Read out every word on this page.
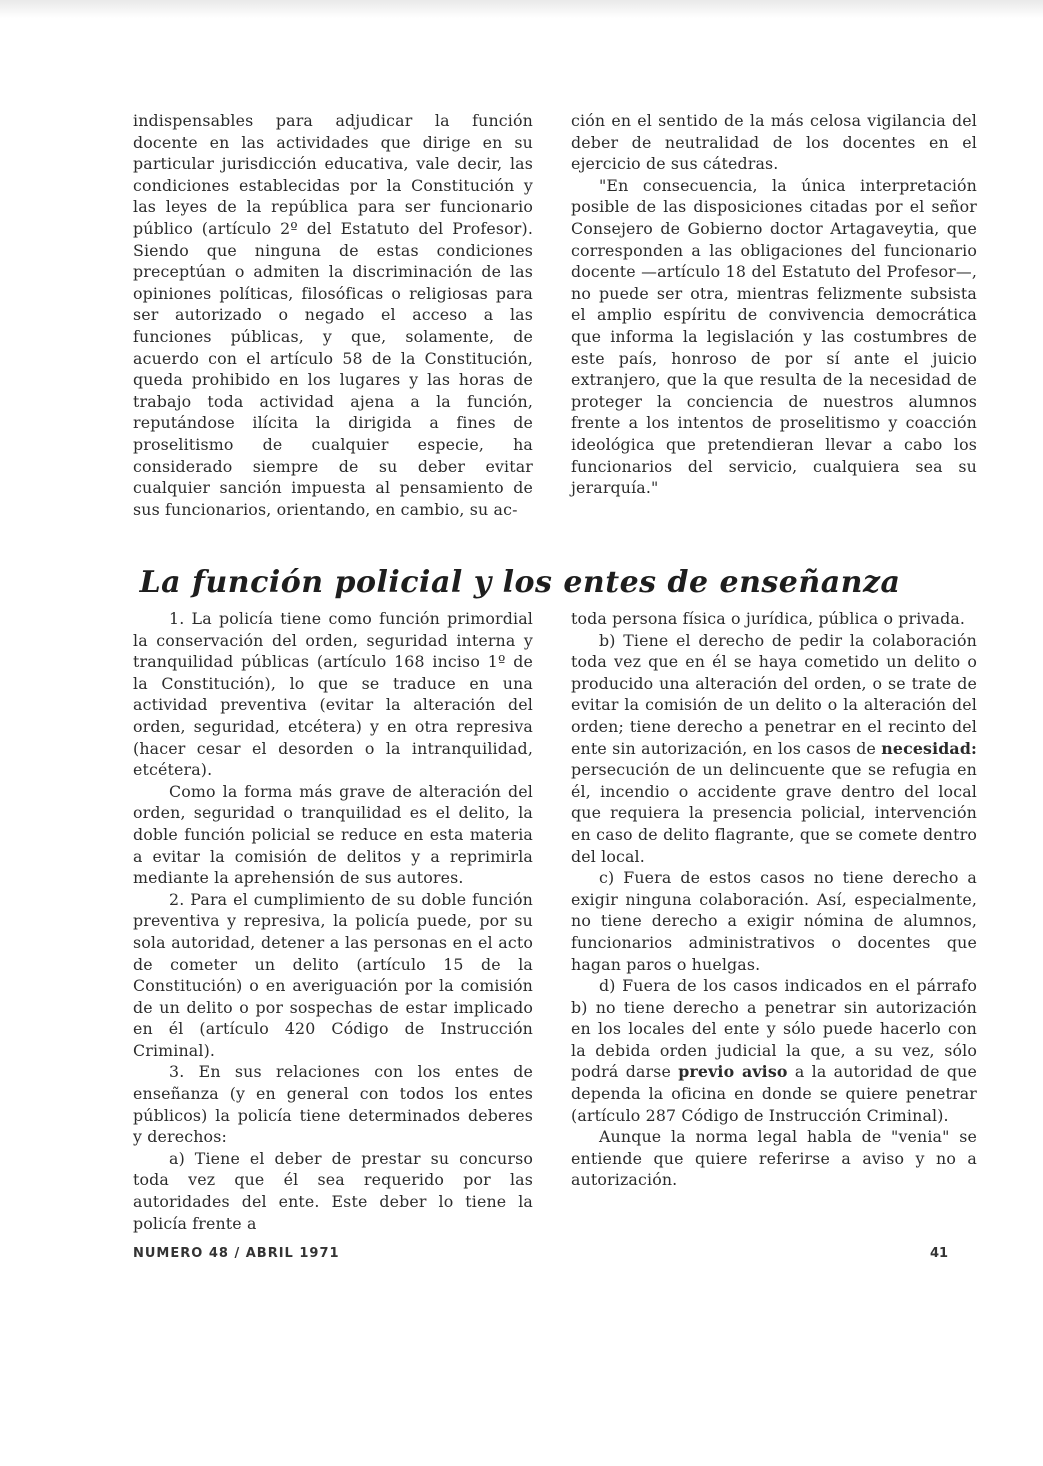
indispensables para adjudicar la función docente en las actividades que dirige en su particular jurisdicción educativa, vale decir, las condiciones establecidas por la Constitución y las leyes de la república para ser funcionario público (artículo 2º del Estatuto del Profesor). Siendo que ninguna de estas condiciones preceptúan o admiten la discriminación de las opiniones políticas, filosóficas o religiosas para ser autorizado o negado el acceso a las funciones públicas, y que, solamente, de acuerdo con el artículo 58 de la Constitución, queda prohibido en los lugares y las horas de trabajo toda actividad ajena a la función, reputándose ilícita la dirigida a fines de proselitismo de cualquier especie, ha considerado siempre de su deber evitar cualquier sanción impuesta al pensamiento de sus funcionarios, orientando, en cambio, su ac-

ción en el sentido de la más celosa vigilancia del deber de neutralidad de los docentes en el ejercicio de sus cátedras.

"En consecuencia, la única interpretación posible de las disposiciones citadas por el señor Consejero de Gobierno doctor Artagaveytia, que corresponden a las obligaciones del funcionario docente —artículo 18 del Estatuto del Profesor—, no puede ser otra, mientras felizmente subsista el amplio espíritu de convivencia democrática que informa la legislación y las costumbres de este país, honroso de por sí ante el juicio extranjero, que la que resulta de la necesidad de proteger la conciencia de nuestros alumnos frente a los intentos de proselitismo y coacción ideológica que pretendieran llevar a cabo los funcionarios del servicio, cualquiera sea su jerarquía."

La función policial y los entes de enseñanza

1. La policía tiene como función primordial la conservación del orden, seguridad interna y tranquilidad públicas (artículo 168 inciso 1º de la Constitución), lo que se traduce en una actividad preventiva (evitar la alteración del orden, seguridad, etcétera) y en otra represiva (hacer cesar el desorden o la intranquilidad, etcétera).

Como la forma más grave de alteración del orden, seguridad o tranquilidad es el delito, la doble función policial se reduce en esta materia a evitar la comisión de delitos y a reprimirla mediante la aprehensión de sus autores.

2. Para el cumplimiento de su doble función preventiva y represiva, la policía puede, por su sola autoridad, detener a las personas en el acto de cometer un delito (artículo 15 de la Constitución) o en averiguación por la comisión de un delito o por sospechas de estar implicado en él (artículo 420 Código de Instrucción Criminal).

3. En sus relaciones con los entes de enseñanza (y en general con todos los entes públicos) la policía tiene determinados deberes y derechos:

a) Tiene el deber de prestar su concurso toda vez que él sea requerido por las autoridades del ente. Este deber lo tiene la policía frente a

toda persona física o jurídica, pública o privada.

b) Tiene el derecho de pedir la colaboración toda vez que en él se haya cometido un delito o producido una alteración del orden, o se trate de evitar la comisión de un delito o la alteración del orden; tiene derecho a penetrar en el recinto del ente sin autorización, en los casos de necesidad: persecución de un delincuente que se refugia en él, incendio o accidente grave dentro del local que requiera la presencia policial, intervención en caso de delito flagrante, que se comete dentro del local.

c) Fuera de estos casos no tiene derecho a exigir ninguna colaboración. Así, especialmente, no tiene derecho a exigir nómina de alumnos, funcionarios administrativos o docentes que hagan paros o huelgas.

d) Fuera de los casos indicados en el párrafo b) no tiene derecho a penetrar sin autorización en los locales del ente y sólo puede hacerlo con la debida orden judicial la que, a su vez, sólo podrá darse previo aviso a la autoridad de que dependa la oficina en donde se quiere penetrar (artículo 287 Código de Instrucción Criminal).

Aunque la norma legal habla de "venia" se entiende que quiere referirse a aviso y no a autorización.

NUMERO 48 / ABRIL 1971	41
